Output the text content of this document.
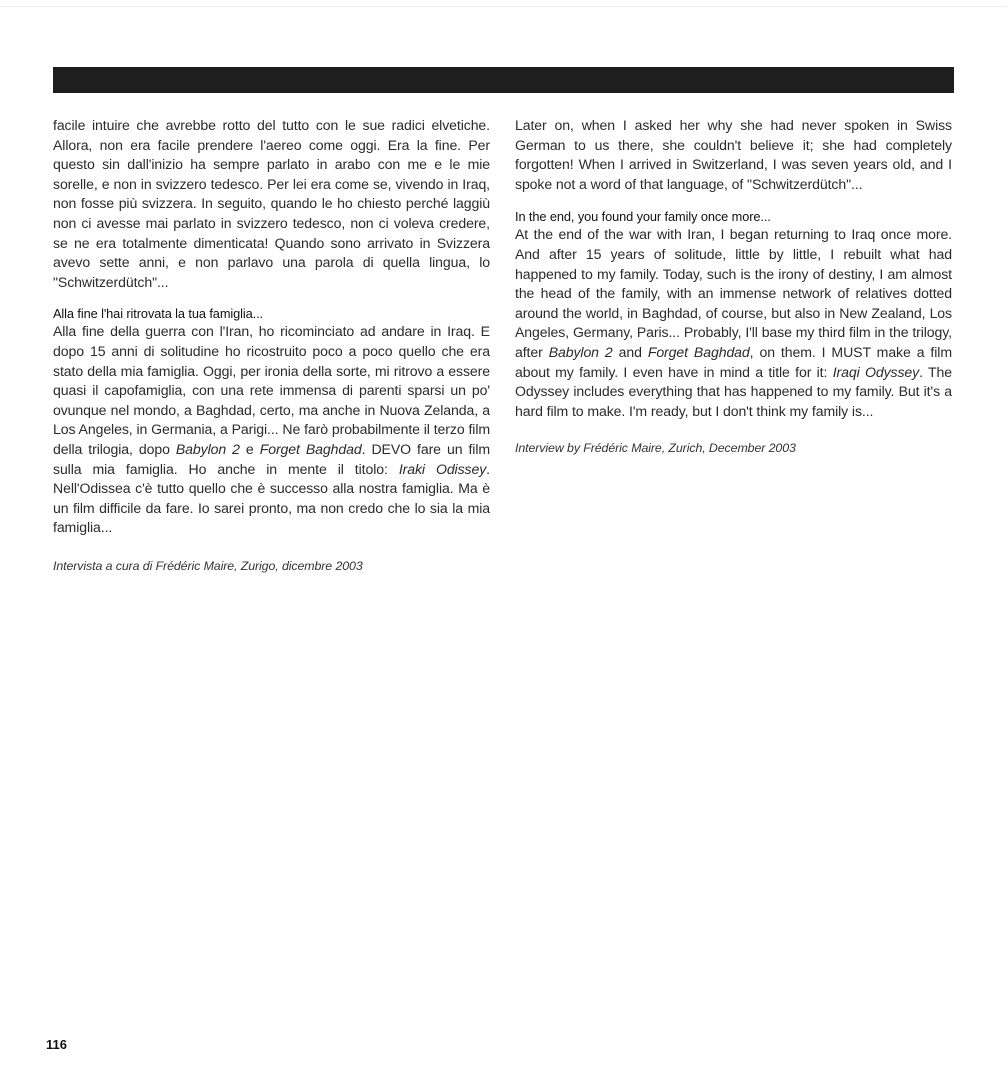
facile intuire che avrebbe rotto del tutto con le sue radici elvetiche. Allora, non era facile prendere l'aereo come oggi. Era la fine. Per questo sin dall'inizio ha sempre parlato in arabo con me e le mie sorelle, e non in svizzero tedesco. Per lei era come se, vivendo in Iraq, non fosse più svizzera. In seguito, quando le ho chiesto perché laggiù non ci avesse mai parlato in svizzero tedesco, non ci voleva credere, se ne era totalmente dimenticata! Quando sono arrivato in Svizzera avevo sette anni, e non parlavo una parola di quella lingua, lo "Schwitzerdütch"...

Alla fine l'hai ritrovata la tua famiglia...

Alla fine della guerra con l'Iran, ho ricominciato ad andare in Iraq. E dopo 15 anni di solitudine ho ricostruito poco a poco quello che era stato della mia famiglia. Oggi, per ironia della sorte, mi ritrovo a essere quasi il capofamiglia, con una rete immensa di parenti sparsi un po' ovunque nel mondo, a Baghdad, certo, ma anche in Nuova Zelanda, a Los Angeles, in Germania, a Parigi... Ne farò probabilmente il terzo film della trilogia, dopo Babylon 2 e Forget Baghdad. DEVO fare un film sulla mia famiglia. Ho anche in mente il titolo: Iraki Odissey. Nell'Odissea c'è tutto quello che è successo alla nostra famiglia. Ma è un film difficile da fare. Io sarei pronto, ma non credo che lo sia la mia famiglia...

Intervista a cura di Frédéric Maire, Zurigo, dicembre 2003

Later on, when I asked her why she had never spoken in Swiss German to us there, she couldn't believe it; she had completely forgotten! When I arrived in Switzerland, I was seven years old, and I spoke not a word of that language, of "Schwitzerdütch"...

In the end, you found your family once more...

At the end of the war with Iran, I began returning to Iraq once more. And after 15 years of solitude, little by little, I rebuilt what had happened to my family. Today, such is the irony of destiny, I am almost the head of the family, with an immense network of relatives dotted around the world, in Baghdad, of course, but also in New Zealand, Los Angeles, Germany, Paris... Probably, I'll base my third film in the trilogy, after Babylon 2 and Forget Baghdad, on them. I MUST make a film about my family. I even have in mind a title for it: Iraqi Odyssey. The Odyssey includes everything that has happened to my family. But it's a hard film to make. I'm ready, but I don't think my family is...

Interview by Frédéric Maire, Zurich, December 2003

116
